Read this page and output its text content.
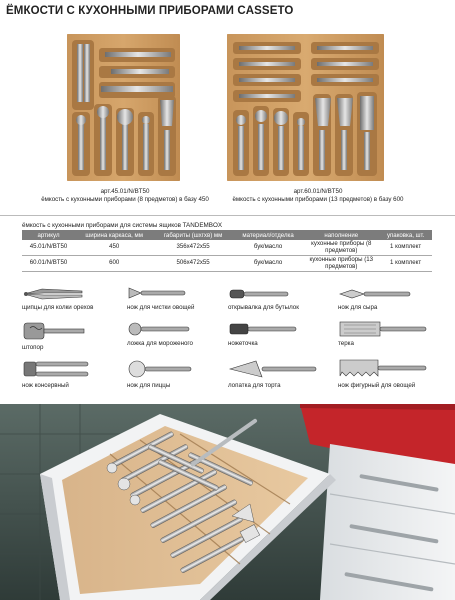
ЁМКОСТИ С КУХОННЫМИ ПРИБОРАМИ CASSETO
арт.45.01/N/BT50
ёмкость с кухонными приборами (8 предметов) в базу 450
арт.60.01/N/BT50
ёмкость с кухонными приборами (13 предметов) в базу 600
ёмкость с кухонными приборами для системы ящиков TANDEMBOX
артикул	ширина каркаса, мм	габариты (шхгхв) мм	материал/отделка	наполнение	упаковка, шт.
45.01/N/BT50	450	356x472x55	бук/масло	кухонные приборы (8 предметов)	1 комплект
60.01/N/BT50	600	506x472x55	бук/масло	кухонные приборы (13 предметов)	1 комплект
щипцы для колки орехов	нож для чистки овощей	открывалка для бутылок	нож для сыра
штопор
ложка для мороженого	ножеточка	терка
нож консервный	нож для пиццы	лопатка для торта	нож фигурный для овощей
